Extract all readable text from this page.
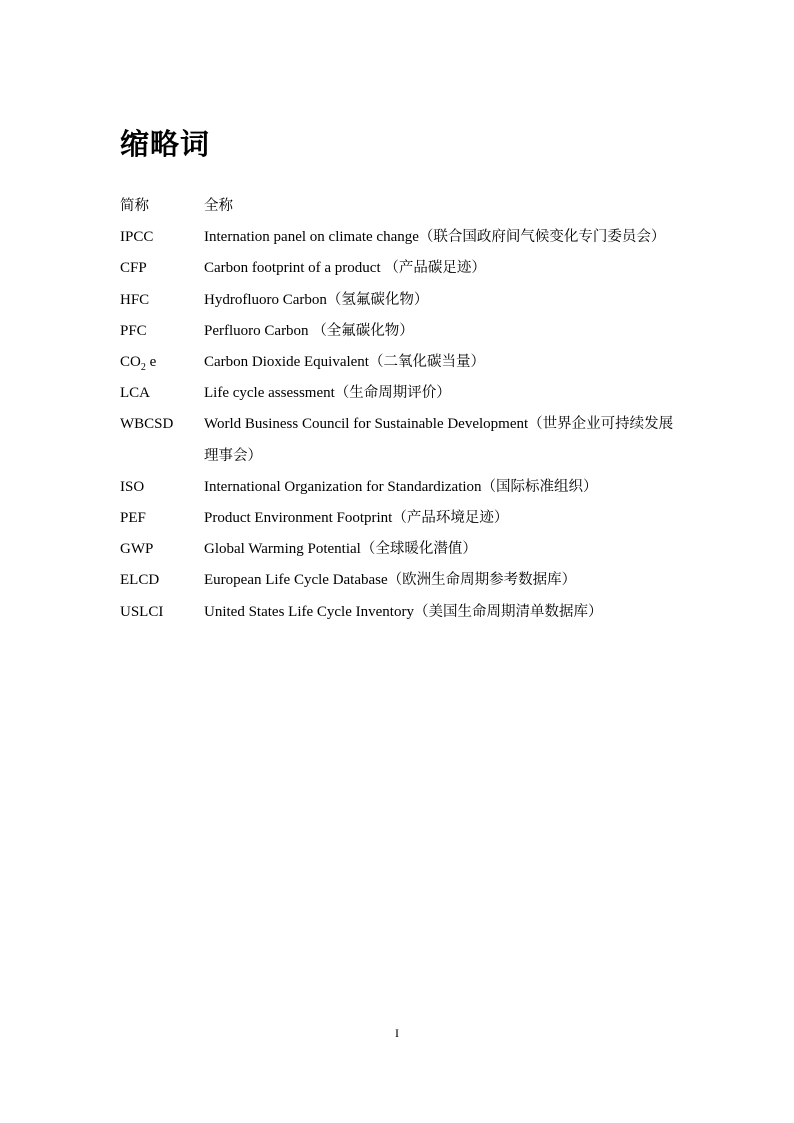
缩略词
简称	全称
IPCC	Internation panel on climate change（联合国政府间气候变化专门委员会）
CFP	Carbon footprint of a product （产品碳足迹）
HFC	Hydrofluoro Carbon（氢氟碳化物）
PFC	Perfluoro Carbon （全氟碳化物）
$CO_2$ e	Carbon Dioxide Equivalent（二氧化碳当量）
LCA	Life cycle assessment（生命周期评价）
WBCSD	World Business Council for Sustainable Development（世界企业可持续发展理事会）
ISO	International Organization for Standardization（国际标准组织）
PEF	Product Environment Footprint（产品环境足迹）
GWP	Global Warming Potential（全球暖化潜值）
ELCD	European Life Cycle Database（欧洲生命周期参考数据库）
USLCI	United States Life Cycle Inventory（美国生命周期清单数据库）
I
